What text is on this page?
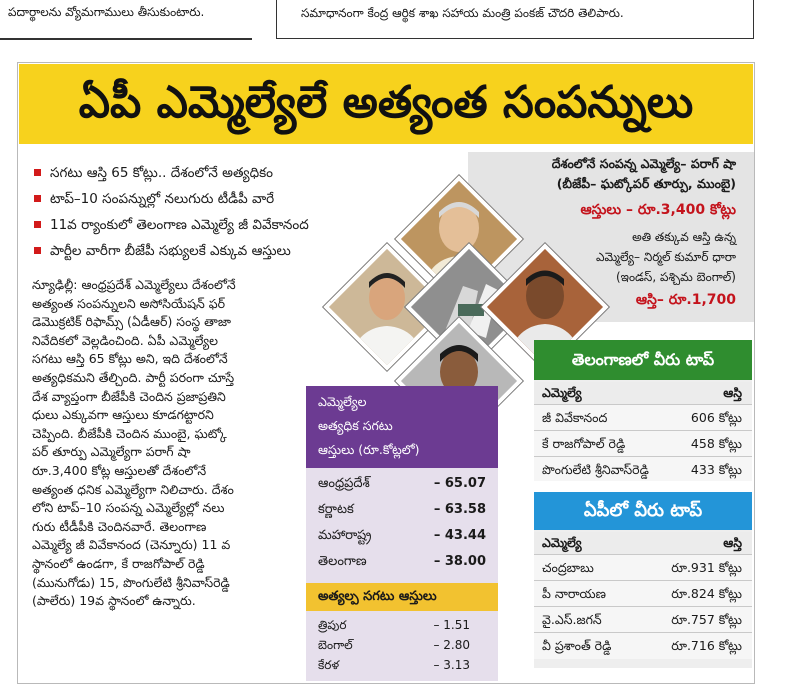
పదార్థాలను వ్యోమగాములు తీసుకుంటారు.	సమాధానంగా కేంద్ర ఆర్థిక శాఖ సహాయ మంత్రి పంకజ్ చౌదరి తెలిపారు.
ఏపీ ఎమ్మెల్యేలే అత్యంత సంపన్నులు
సగటు ఆస్తి 65 కోట్లు.. దేశంలోనే అత్యధికం
టాప్‌–10 సంపన్నుల్లో నలుగురు టీడీపీ వారే
11వ ర్యాంకులో తెలంగాణ ఎమ్మెల్యే జీ వివేకానంద
పార్టీల వారీగా బీజేపీ సభ్యులకే ఎక్కువ ఆస్తులు
న్యూఢిల్లీ: ఆంధ్రప్రదేశ్‌ ఎమ్మెల్యేలు దేశంలోనే
అత్యంత సంపన్నులని అసోసియేషన్‌ ఫర్‌
డెమొక్రటిక్‌ రిఫామ్స్‌ (ఏడీఆర్‌) సంస్థ తాజా
నివేదికలో వెల్లడించింది. ఏపీ ఎమ్మెల్యేల
సగటు ఆస్తి 65 కోట్లు అని, ఇది దేశంలోనే
అత్యధికమని తేల్చింది. పార్టీ పరంగా చూస్తే
దేశ వ్యాప్తంగా బీజేపీకి చెందిన ప్రజాప్రతిని
ధులు ఎక్కువగా ఆస్తులు కూడగట్టారని
చెప్పింది. బీజేపీకి చెందిన ముంబై, ఘట్కో
పర్‌ తూర్పు ఎమ్మెల్యేగా పరాగ్‌ షా
రూ.3,400 కోట్ల ఆస్తులతో దేశంలోనే
అత్యంత ధనిక ఎమ్మెల్యేగా నిలిచారు. దేశం
లోని టాప్‌–10 సంపన్న ఎమ్మెల్యేల్లో నలు
గురు టీడీపీకి చెందినవారే. తెలంగాణ
ఎమ్మెల్యే జీ వివేకానంద (చెన్నూరు) 11 వ
స్థానంలో ఉండగా, కే రాజగోపాల్‌ రెడ్డి
(మునుగోడు) 15, పొంగులేటి శ్రీనివాస్‌రెడ్డి
(పాలేరు) 19వ స్థానంలో ఉన్నారు.
దేశంలోనే సంపన్న ఎమ్మెల్యే– పరాగ్‌ షా
(బీజేపీ– ఘట్కోపర్‌ తూర్పు, ముంబై)
ఆస్తులు – రూ.3,400 కోట్లు
అతి తక్కువ ఆస్తి ఉన్న
ఎమ్మెల్యే– నిర్మల్‌ కుమార్‌ ధారా
(ఇండస్‌, పశ్చిమ బెంగాల్‌)
ఆస్తి– రూ.1,700
ఎమ్మెల్యేల
అత్యధిక సగటు
ఆస్తులు (రూ.కోట్లలో)
ఆంధ్రప్రదేశ్‌	– 65.07
కర్ణాటక	– 63.58
మహారాష్ట్ర	– 43.44
తెలంగాణ	– 38.00
అత్యల్ప సగటు ఆస్తులు
త్రిపుర	– 1.51
బెంగాల్‌	– 2.80
కేరళ	– 3.13
తెలంగాణలో వీరు టాప్‌
ఎమ్మెల్యే	ఆస్తి
జీ వివేకానంద	606 కోట్లు
కే రాజగోపాల్‌ రెడ్డి	458 కోట్లు
పొంగులేటి శ్రీనివాస్‌రెడ్డి	433 కోట్లు
ఏపీలో వీరు టాప్‌
ఎమ్మెల్యే	ఆస్తి
చంద్రబాబు	రూ.931 కోట్లు
పీ నారాయణ	రూ.824 కోట్లు
వై.ఎస్‌.జగన్‌	రూ.757 కోట్లు
వీ ప్రశాంత్‌ రెడ్డి	రూ.716 కోట్లు
